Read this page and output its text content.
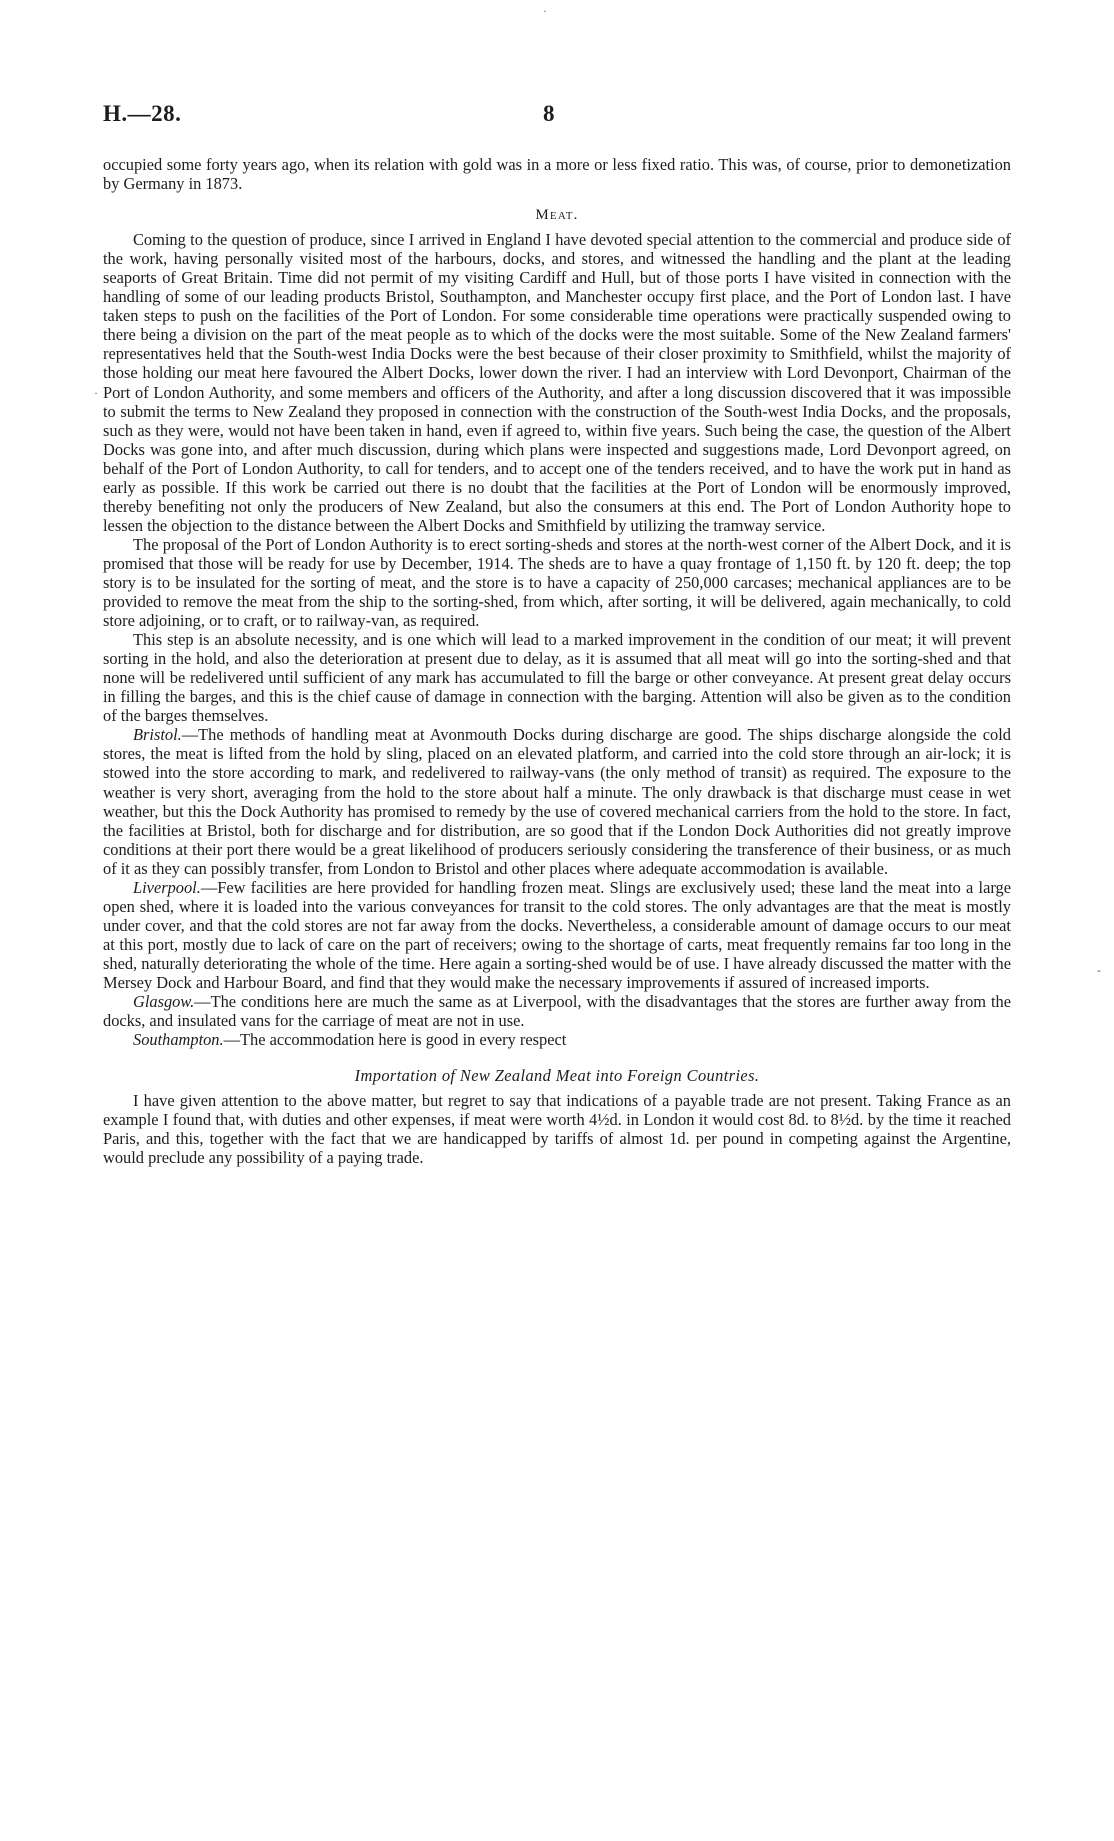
·
·
-
H.—28.	8

occupied some forty years ago, when its relation with gold was in a more or less fixed ratio. This was, of course, prior to demonetization by Germany in 1873.

Meat.

Coming to the question of produce, since I arrived in England I have devoted special attention to the commercial and produce side of the work, having personally visited most of the harbours, docks, and stores, and witnessed the handling and the plant at the leading seaports of Great Britain. Time did not permit of my visiting Cardiff and Hull, but of those ports I have visited in connection with the handling of some of our leading products Bristol, Southampton, and Manchester occupy first place, and the Port of London last. I have taken steps to push on the facilities of the Port of London. For some considerable time operations were practically suspended owing to there being a division on the part of the meat people as to which of the docks were the most suitable. Some of the New Zealand farmers' representatives held that the South-west India Docks were the best because of their closer proximity to Smithfield, whilst the majority of those holding our meat here favoured the Albert Docks, lower down the river. I had an interview with Lord Devonport, Chairman of the Port of London Authority, and some members and officers of the Authority, and after a long discussion discovered that it was impossible to submit the terms to New Zealand they proposed in connection with the construction of the South-west India Docks, and the proposals, such as they were, would not have been taken in hand, even if agreed to, within five years. Such being the case, the question of the Albert Docks was gone into, and after much discussion, during which plans were inspected and suggestions made, Lord Devonport agreed, on behalf of the Port of London Authority, to call for tenders, and to accept one of the tenders received, and to have the work put in hand as early as possible. If this work be carried out there is no doubt that the facilities at the Port of London will be enormously improved, thereby benefiting not only the producers of New Zealand, but also the consumers at this end. The Port of London Authority hope to lessen the objection to the distance between the Albert Docks and Smithfield by utilizing the tramway service.

The proposal of the Port of London Authority is to erect sorting-sheds and stores at the north-west corner of the Albert Dock, and it is promised that those will be ready for use by December, 1914. The sheds are to have a quay frontage of 1,150 ft. by 120 ft. deep; the top story is to be insulated for the sorting of meat, and the store is to have a capacity of 250,000 carcases; mechanical appliances are to be provided to remove the meat from the ship to the sorting-shed, from which, after sorting, it will be delivered, again mechanically, to cold store adjoining, or to craft, or to railway-van, as required.

This step is an absolute necessity, and is one which will lead to a marked improvement in the condition of our meat; it will prevent sorting in the hold, and also the deterioration at present due to delay, as it is assumed that all meat will go into the sorting-shed and that none will be redelivered until sufficient of any mark has accumulated to fill the barge or other conveyance. At present great delay occurs in filling the barges, and this is the chief cause of damage in connection with the barging. Attention will also be given as to the condition of the barges themselves.

Bristol.—The methods of handling meat at Avonmouth Docks during discharge are good. The ships discharge alongside the cold stores, the meat is lifted from the hold by sling, placed on an elevated platform, and carried into the cold store through an air-lock; it is stowed into the store according to mark, and redelivered to railway-vans (the only method of transit) as required. The exposure to the weather is very short, averaging from the hold to the store about half a minute. The only drawback is that discharge must cease in wet weather, but this the Dock Authority has promised to remedy by the use of covered mechanical carriers from the hold to the store. In fact, the facilities at Bristol, both for discharge and for distribution, are so good that if the London Dock Authorities did not greatly improve conditions at their port there would be a great likelihood of producers seriously considering the transference of their business, or as much of it as they can possibly transfer, from London to Bristol and other places where adequate accommodation is available.

Liverpool.—Few facilities are here provided for handling frozen meat. Slings are exclusively used; these land the meat into a large open shed, where it is loaded into the various conveyances for transit to the cold stores. The only advantages are that the meat is mostly under cover, and that the cold stores are not far away from the docks. Nevertheless, a considerable amount of damage occurs to our meat at this port, mostly due to lack of care on the part of receivers; owing to the shortage of carts, meat frequently remains far too long in the shed, naturally deteriorating the whole of the time. Here again a sorting-shed would be of use. I have already discussed the matter with the Mersey Dock and Harbour Board, and find that they would make the necessary improvements if assured of increased imports.

Glasgow.—The conditions here are much the same as at Liverpool, with the disadvantages that the stores are further away from the docks, and insulated vans for the carriage of meat are not in use.

Southampton.—The accommodation here is good in every respect

Importation of New Zealand Meat into Foreign Countries.

I have given attention to the above matter, but regret to say that indications of a payable trade are not present. Taking France as an example I found that, with duties and other expenses, if meat were worth 4½d. in London it would cost 8d. to 8½d. by the time it reached Paris, and this, together with the fact that we are handicapped by tariffs of almost 1d. per pound in competing against the Argentine, would preclude any possibility of a paying trade.
